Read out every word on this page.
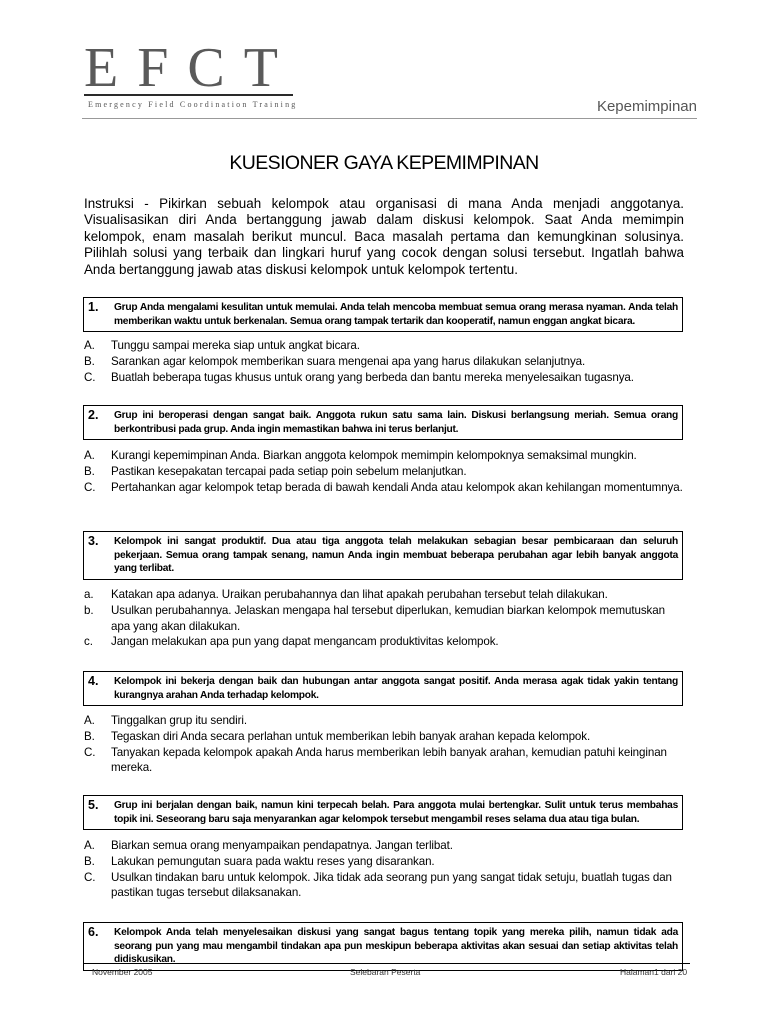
EFCT
Emergency Field Coordination Training	Kepemimpinan
KUESIONER GAYA KEPEMIMPINAN

Instruksi - Pikirkan sebuah kelompok atau organisasi di mana Anda menjadi anggotanya. Visualisasikan diri Anda bertanggung jawab dalam diskusi kelompok. Saat Anda memimpin kelompok, enam masalah berikut muncul. Baca masalah pertama dan kemungkinan solusinya. Pilihlah solusi yang terbaik dan lingkari huruf yang cocok dengan solusi tersebut. Ingatlah bahwa Anda bertanggung jawab atas diskusi kelompok untuk kelompok tertentu.

1.	Grup Anda mengalami kesulitan untuk memulai. Anda telah mencoba membuat semua orang merasa nyaman. Anda telah memberikan waktu untuk berkenalan. Semua orang tampak tertarik dan kooperatif, namun enggan angkat bicara.
A.	Tunggu sampai mereka siap untuk angkat bicara.
B.	Sarankan agar kelompok memberikan suara mengenai apa yang harus dilakukan selanjutnya.
C.	Buatlah beberapa tugas khusus untuk orang yang berbeda dan bantu mereka menyelesaikan tugasnya.
2.	Grup ini beroperasi dengan sangat baik. Anggota rukun satu sama lain. Diskusi berlangsung meriah. Semua orang berkontribusi pada grup. Anda ingin memastikan bahwa ini terus berlanjut.
A.	Kurangi kepemimpinan Anda. Biarkan anggota kelompok memimpin kelompoknya semaksimal mungkin.
B.	Pastikan kesepakatan tercapai pada setiap poin sebelum melanjutkan.
C.	Pertahankan agar kelompok tetap berada di bawah kendali Anda atau kelompok akan kehilangan momentumnya.
3.	Kelompok ini sangat produktif. Dua atau tiga anggota telah melakukan sebagian besar pembicaraan dan seluruh pekerjaan. Semua orang tampak senang, namun Anda ingin membuat beberapa perubahan agar lebih banyak anggota yang terlibat.
a.	Katakan apa adanya. Uraikan perubahannya dan lihat apakah perubahan tersebut telah dilakukan.
b.	Usulkan perubahannya. Jelaskan mengapa hal tersebut diperlukan, kemudian biarkan kelompok memutuskan apa yang akan dilakukan.
c.	Jangan melakukan apa pun yang dapat mengancam produktivitas kelompok.
4.	Kelompok ini bekerja dengan baik dan hubungan antar anggota sangat positif. Anda merasa agak tidak yakin tentang kurangnya arahan Anda terhadap kelompok.
A.	Tinggalkan grup itu sendiri.
B.	Tegaskan diri Anda secara perlahan untuk memberikan lebih banyak arahan kepada kelompok.
C.	Tanyakan kepada kelompok apakah Anda harus memberikan lebih banyak arahan, kemudian patuhi keinginan mereka.
5.	Grup ini berjalan dengan baik, namun kini terpecah belah. Para anggota mulai bertengkar. Sulit untuk terus membahas topik ini. Seseorang baru saja menyarankan agar kelompok tersebut mengambil reses selama dua atau tiga bulan.
A.	Biarkan semua orang menyampaikan pendapatnya. Jangan terlibat.
B.	Lakukan pemungutan suara pada waktu reses yang disarankan.
C.	Usulkan tindakan baru untuk kelompok. Jika tidak ada seorang pun yang sangat tidak setuju, buatlah tugas dan pastikan tugas tersebut dilaksanakan.
6.	Kelompok Anda telah menyelesaikan diskusi yang sangat bagus tentang topik yang mereka pilih, namun tidak ada seorang pun yang mau mengambil tindakan apa pun meskipun beberapa aktivitas akan sesuai dan setiap aktivitas telah didiskusikan.
November 2005	Selebaran Peserta	Halaman1 dari 20
